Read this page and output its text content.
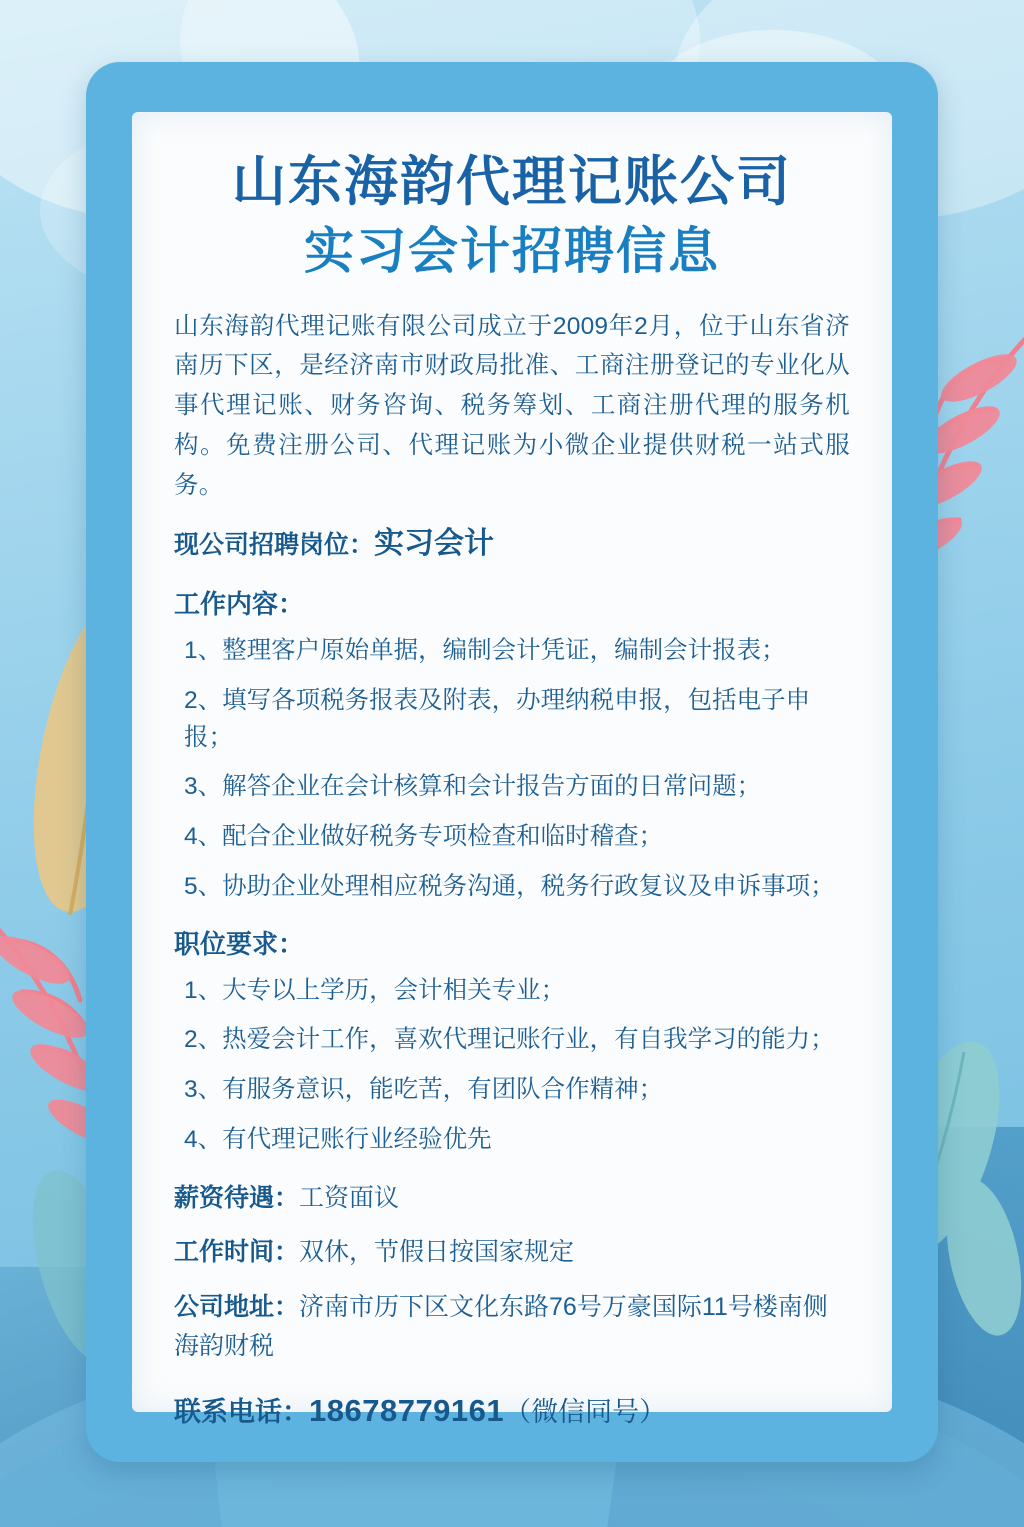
山东海韵代理记账公司
实习会计招聘信息

山东海韵代理记账有限公司成立于2009年2月，位于山东省济南历下区，是经济南市财政局批准、工商注册登记的专业化从事代理记账、财务咨询、税务筹划、工商注册代理的服务机构。免费注册公司、代理记账为小微企业提供财税一站式服务。

现公司招聘岗位：实习会计

工作内容：
1、整理客户原始单据，编制会计凭证，编制会计报表；
2、填写各项税务报表及附表，办理纳税申报，包括电子申报；
3、解答企业在会计核算和会计报告方面的日常问题；
4、配合企业做好税务专项检查和临时稽查；
5、协助企业处理相应税务沟通，税务行政复议及申诉事项；
职位要求：
1、大专以上学历，会计相关专业；
2、热爱会计工作，喜欢代理记账行业，有自我学习的能力；
3、有服务意识，能吃苦，有团队合作精神；
4、有代理记账行业经验优先

薪资待遇：工资面议

工作时间：双休，节假日按国家规定

公司地址：济南市历下区文化东路76号万豪国际11号楼南侧海韵财税

联系电话：18678779161（微信同号）
